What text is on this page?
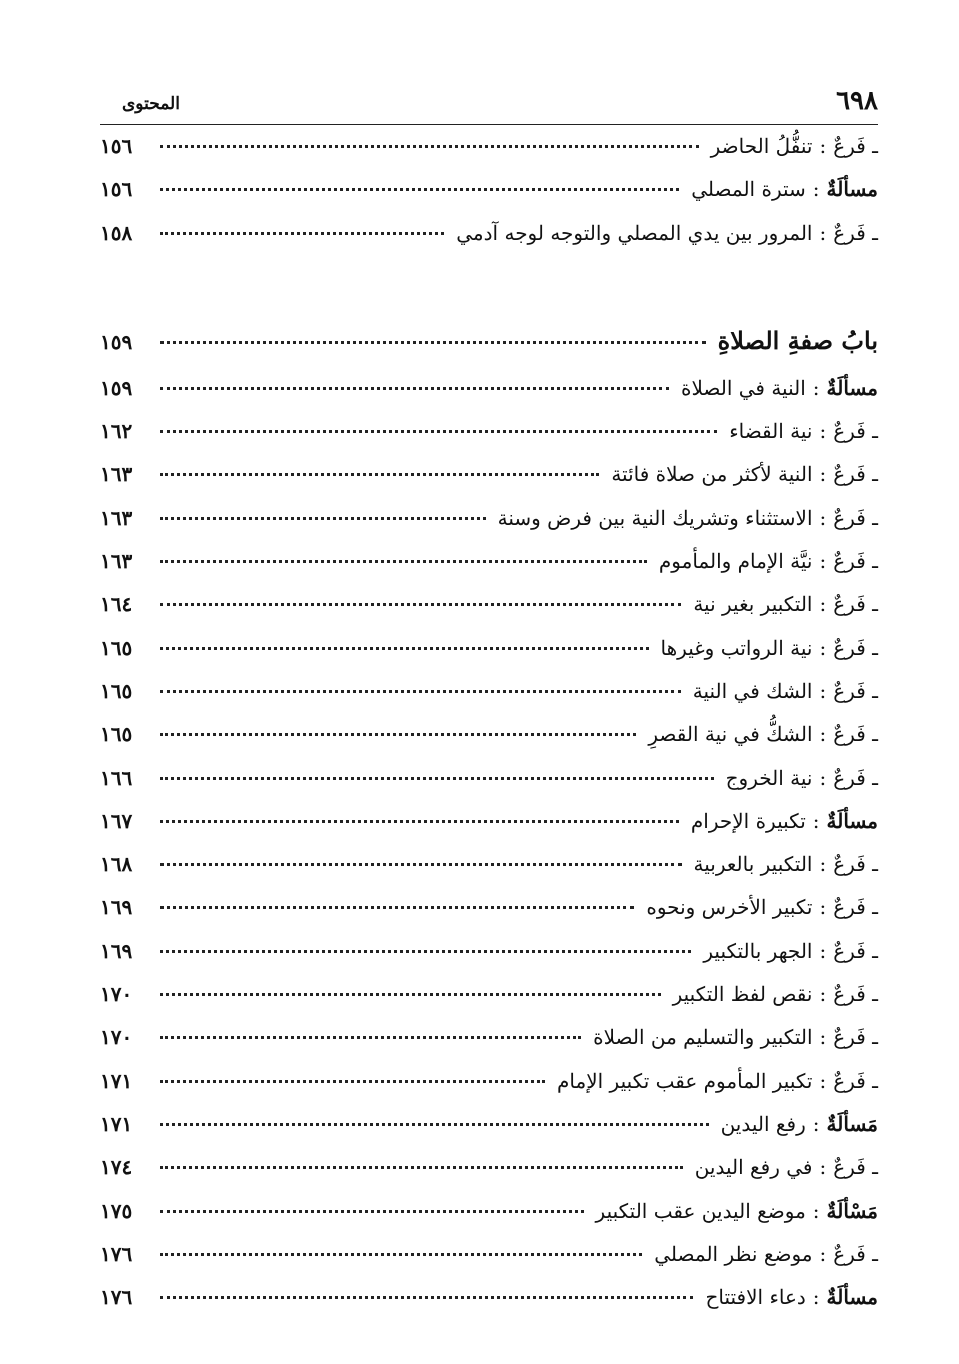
٦٩٨
المحتوى
ـ فَرعٌ
:
تنفُّلُ الحاضر
١٥٦
مسألَةٌ
:
سترة المصلي
١٥٦
ـ فَرعٌ
:
المرور بين يدي المصلي والتوجه لوجه آدمي
١٥٨
بابُ صفةِ الصلاةِ
١٥٩
مسألَةٌ
:
النية في الصلاة
١٥٩
ـ فَرعٌ
:
نية القضاء
١٦٢
ـ فَرعٌ
:
النية لأكثر من صلاة فائتة
١٦٣
ـ فَرعٌ
:
الاستثناء وتشريك النية بين فرض وسنة
١٦٣
ـ فَرعٌ
:
نيَّة الإمام والمأموم
١٦٣
ـ فَرعٌ
:
التكبير بغير نية
١٦٤
ـ فَرعٌ
:
نية الرواتب وغيرها
١٦٥
ـ فَرعٌ
:
الشك في النية
١٦٥
ـ فَرعٌ
:
الشكُّ في نية القصرِ
١٦٥
ـ فَرعٌ
:
نية الخروج
١٦٦
مسألَةٌ
:
تكبيرة الإحرام
١٦٧
ـ فَرعٌ
:
التكبير بالعربية
١٦٨
ـ فَرعٌ
:
تكبير الأخرس ونحوه
١٦٩
ـ فَرعٌ
:
الجهر بالتكبير
١٦٩
ـ فَرعٌ
:
نقص لفظ التكبير
١٧٠
ـ فَرعٌ
:
التكبير والتسليم من الصلاة
١٧٠
ـ فَرعٌ
:
تكبير المأموم عقب تكبير الإمام
١٧١
مَسألَةٌ
:
رفع اليدين
١٧١
ـ فَرعٌ
:
في رفع اليدين
١٧٤
مَسْألَةٌ
:
موضع اليدين عقب التكبير
١٧٥
ـ فَرعٌ
:
موضع نظر المصلي
١٧٦
مسألَةٌ
:
دعاء الافتتاح
١٧٦
